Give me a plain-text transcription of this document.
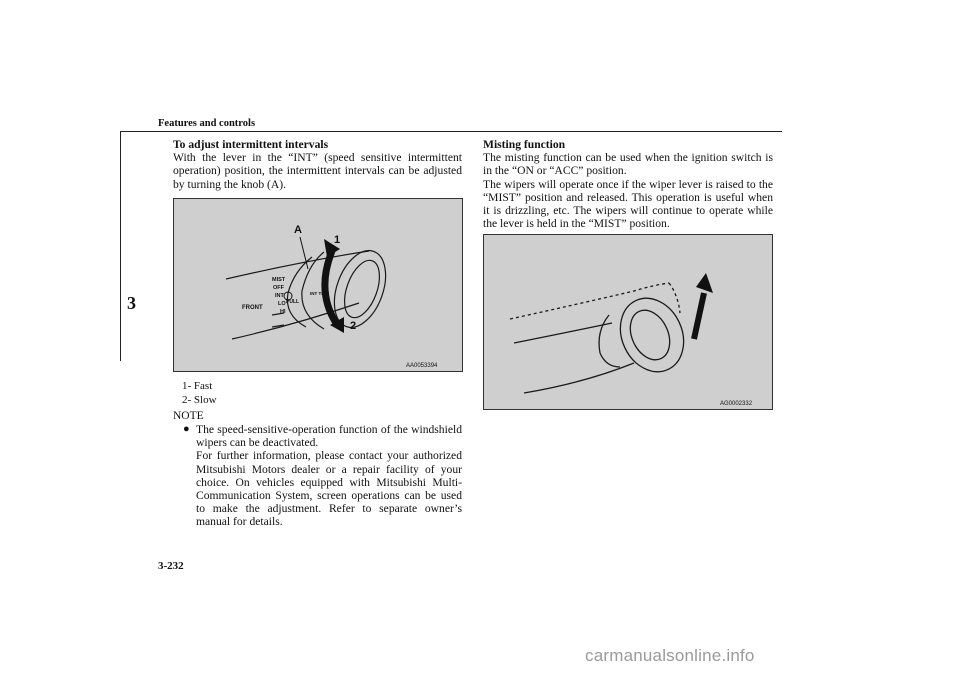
Features and controls
3

To adjust intermittent intervals

With the lever in the “INT” (speed sensitive intermittent operation) position, the intermittent intervals can be adjusted by turning the knob (A).

A
1
2
FRONT
MIST
OFF
INT
LO
HI
PULL
INT TIME
AA0053394
1- Fast
2- Slow
NOTE
● The speed-sensitive-operation function of the windshield wipers can be deactivated.

For further information, please contact your authorized Mitsubishi Motors dealer or a repair facility of your choice. On vehicles equipped with Mitsubishi Multi-Communication System, screen operations can be used to make the adjustment. Refer to separate owner’s manual for details.

Misting function

The misting function can be used when the ignition switch is in the “ON or “ACC” position.

The wipers will operate once if the wiper lever is raised to the “MIST” position and released. This operation is useful when it is drizzling, etc. The wipers will continue to operate while the lever is held in the “MIST” position.

AG0002332
3-232
carmanualsonline.info
